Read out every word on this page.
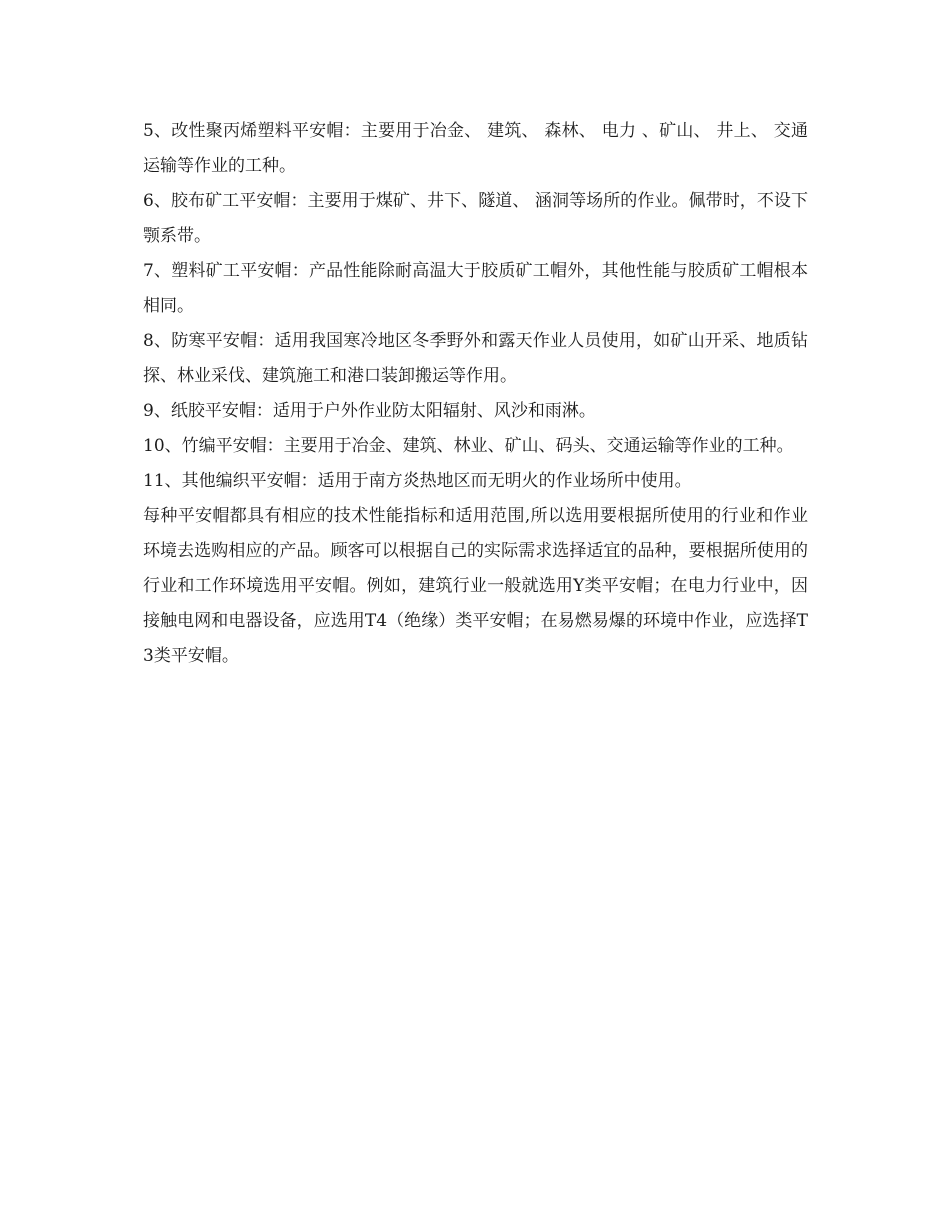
5、改性聚丙烯塑料平安帽：主要用于冶金、 建筑、 森林、 电力 、矿山、 井上、 交通运输等作业的工种。

6、胶布矿工平安帽：主要用于煤矿、井下、隧道、 涵洞等场所的作业。佩带时，不设下颚系带。

7、塑料矿工平安帽：产品性能除耐高温大于胶质矿工帽外，其他性能与胶质矿工帽根本相同。

8、防寒平安帽：适用我国寒冷地区冬季野外和露天作业人员使用，如矿山开采、地质钻探、林业采伐、建筑施工和港口装卸搬运等作用。

9、纸胶平安帽：适用于户外作业防太阳辐射、风沙和雨淋。

10、竹编平安帽：主要用于冶金、建筑、林业、矿山、码头、交通运输等作业的工种。

11、其他编织平安帽：适用于南方炎热地区而无明火的作业场所中使用。

每种平安帽都具有相应的技术性能指标和适用范围,所以选用要根据所使用的行业和作业环境去选购相应的产品。顾客可以根据自己的实际需求选择适宜的品种，要根据所使用的行业和工作环境选用平安帽。例如，建筑行业一般就选用Y类平安帽；在电力行业中，因接触电网和电器设备，应选用T4（绝缘）类平安帽；在易燃易爆的环境中作业，应选择T3类平安帽。
